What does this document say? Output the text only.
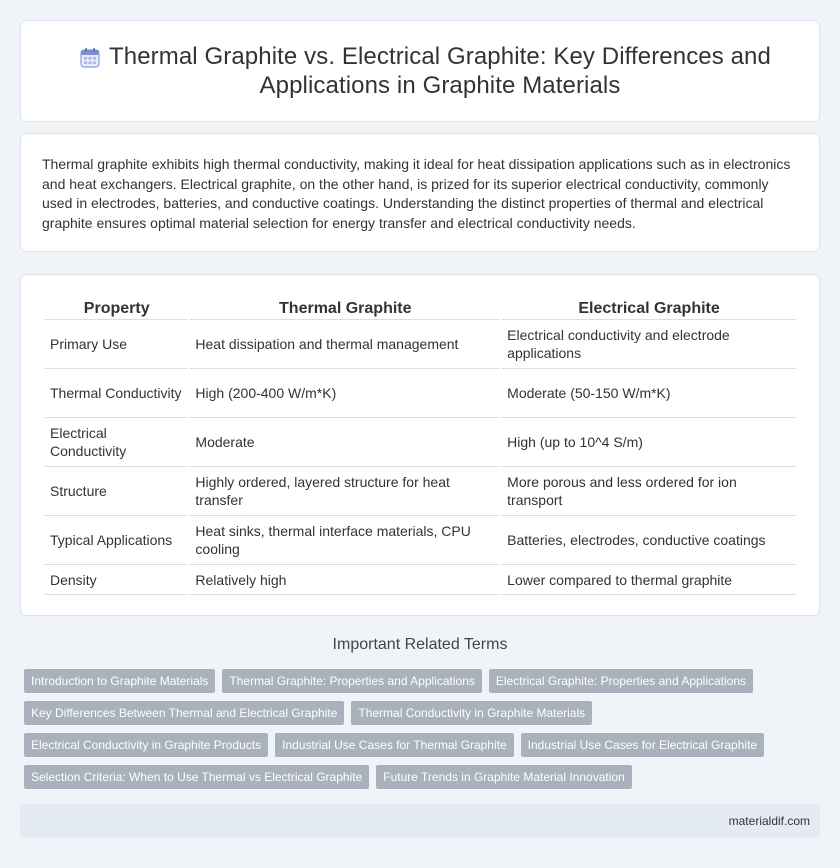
Thermal Graphite vs. Electrical Graphite: Key Differences and Applications in Graphite Materials

Thermal graphite exhibits high thermal conductivity, making it ideal for heat dissipation applications such as in electronics and heat exchangers. Electrical graphite, on the other hand, is prized for its superior electrical conductivity, commonly used in electrodes, batteries, and conductive coatings. Understanding the distinct properties of thermal and electrical graphite ensures optimal material selection for energy transfer and electrical conductivity needs.

Property	Thermal Graphite	Electrical Graphite
Primary Use	Heat dissipation and thermal management	Electrical conductivity and electrode applications
Thermal Conductivity	High (200-400 W/m*K)	Moderate (50-150 W/m*K)
Electrical Conductivity	Moderate	High (up to 10^4 S/m)
Structure	Highly ordered, layered structure for heat transfer	More porous and less ordered for ion transport
Typical Applications	Heat sinks, thermal interface materials, CPU cooling	Batteries, electrodes, conductive coatings
Density	Relatively high	Lower compared to thermal graphite
Important Related Terms
Introduction to Graphite Materials	Thermal Graphite: Properties and Applications	Electrical Graphite: Properties and Applications
Key Differences Between Thermal and Electrical Graphite	Thermal Conductivity in Graphite Materials
Electrical Conductivity in Graphite Products	Industrial Use Cases for Thermal Graphite	Industrial Use Cases for Electrical Graphite
Selection Criteria: When to Use Thermal vs Electrical Graphite	Future Trends in Graphite Material Innovation
materialdif.com
